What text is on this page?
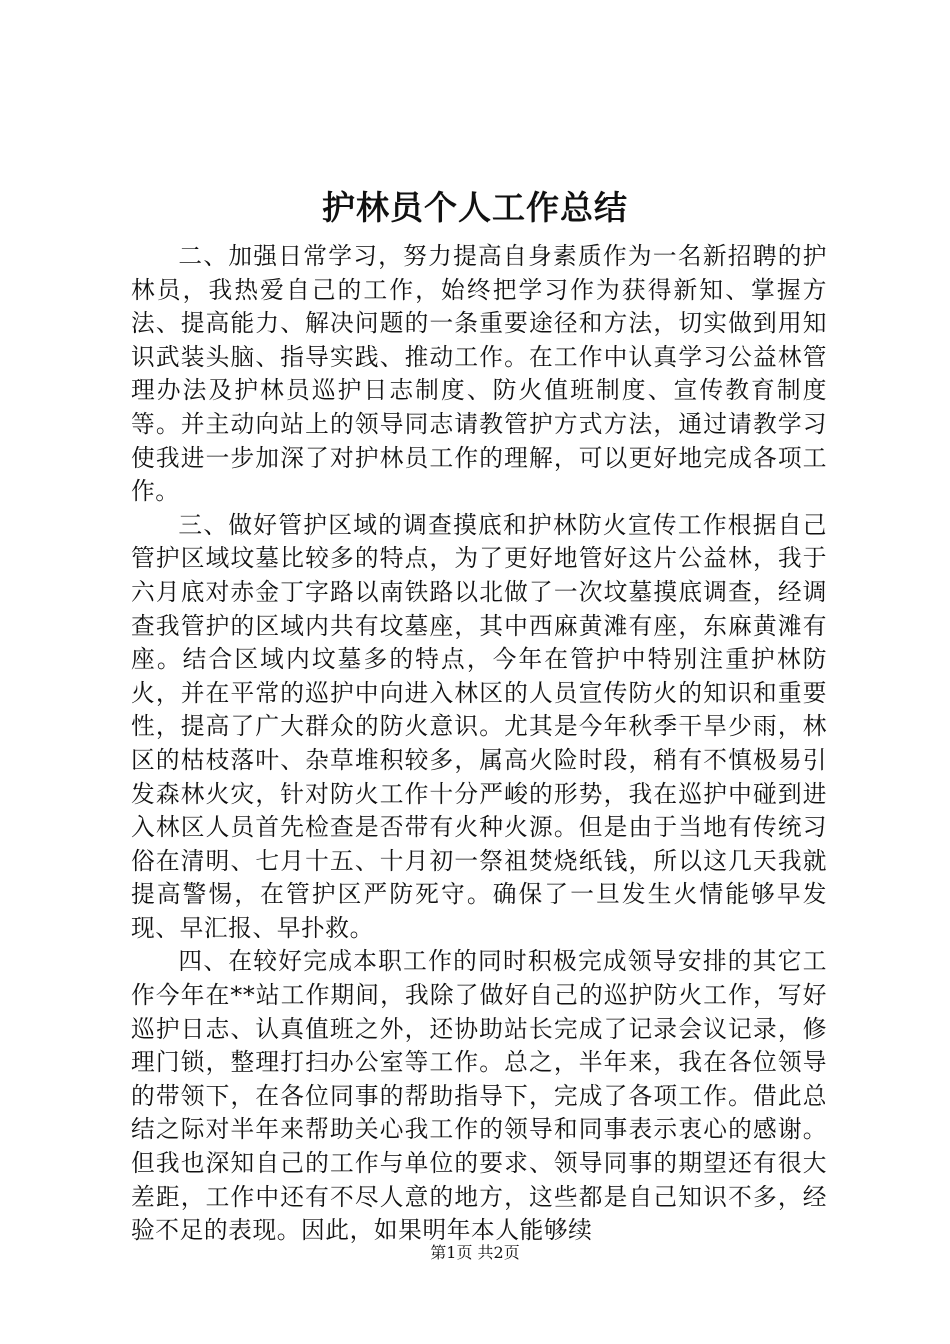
护林员个人工作总结

二、加强日常学习，努力提高自身素质作为一名新招聘的护林员，我热爱自己的工作，始终把学习作为获得新知、掌握方法、提高能力、解决问题的一条重要途径和方法，切实做到用知识武装头脑、指导实践、推动工作。在工作中认真学习公益林管理办法及护林员巡护日志制度、防火值班制度、宣传教育制度等。并主动向站上的领导同志请教管护方式方法，通过请教学习使我进一步加深了对护林员工作的理解，可以更好地完成各项工作。

三、做好管护区域的调查摸底和护林防火宣传工作根据自己管护区域坟墓比较多的特点，为了更好地管好这片公益林，我于六月底对赤金丁字路以南铁路以北做了一次坟墓摸底调查，经调查我管护的区域内共有坟墓座，其中西麻黄滩有座，东麻黄滩有座。结合区域内坟墓多的特点，今年在管护中特别注重护林防火，并在平常的巡护中向进入林区的人员宣传防火的知识和重要性，提高了广大群众的防火意识。尤其是今年秋季干旱少雨，林区的枯枝落叶、杂草堆积较多，属高火险时段，稍有不慎极易引发森林火灾，针对防火工作十分严峻的形势，我在巡护中碰到进入林区人员首先检查是否带有火种火源。但是由于当地有传统习俗在清明、七月十五、十月初一祭祖焚烧纸钱，所以这几天我就提高警惕，在管护区严防死守。确保了一旦发生火情能够早发现、早汇报、早扑救。

四、在较好完成本职工作的同时积极完成领导安排的其它工作今年在**站工作期间，我除了做好自己的巡护防火工作，写好巡护日志、认真值班之外，还协助站长完成了记录会议记录，修理门锁，整理打扫办公室等工作。总之，半年来，我在各位领导的带领下，在各位同事的帮助指导下，完成了各项工作。借此总结之际对半年来帮助关心我工作的领导和同事表示衷心的感谢。但我也深知自己的工作与单位的要求、领导同事的期望还有很大差距，工作中还有不尽人意的地方，这些都是自己知识不多，经验不足的表现。因此，如果明年本人能够续

第1页 共2页
